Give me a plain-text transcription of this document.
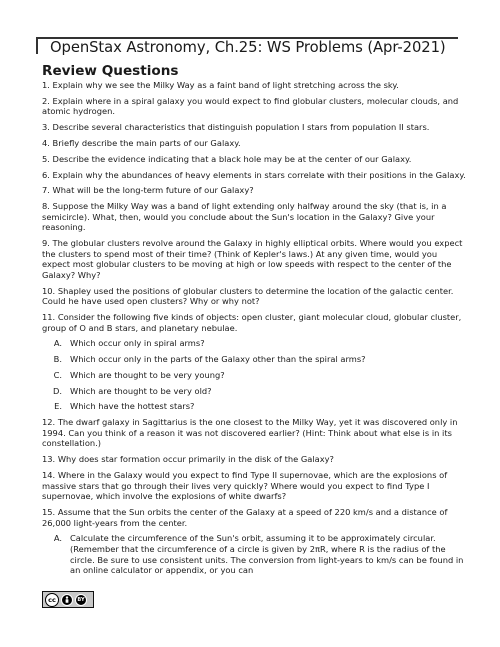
OpenStax Astronomy, Ch.25: WS Problems (Apr-2021)
Review Questions

1. Explain why we see the Milky Way as a faint band of light stretching across the sky.

2. Explain where in a spiral galaxy you would expect to find globular clusters, molecular clouds, and atomic hydrogen.

3. Describe several characteristics that distinguish population I stars from population II stars.

4. Briefly describe the main parts of our Galaxy.

5. Describe the evidence indicating that a black hole may be at the center of our Galaxy.

6. Explain why the abundances of heavy elements in stars correlate with their positions in the Galaxy.

7. What will be the long-term future of our Galaxy?

8. Suppose the Milky Way was a band of light extending only halfway around the sky (that is, in a semicircle). What, then, would you conclude about the Sun's location in the Galaxy? Give your reasoning.

9. The globular clusters revolve around the Galaxy in highly elliptical orbits. Where would you expect the clusters to spend most of their time? (Think of Kepler's laws.) At any given time, would you expect most globular clusters to be moving at high or low speeds with respect to the center of the Galaxy? Why?

10. Shapley used the positions of globular clusters to determine the location of the galactic center. Could he have used open clusters? Why or why not?

11. Consider the following five kinds of objects: open cluster, giant molecular cloud, globular cluster, group of O and B stars, and planetary nebulae.

A. Which occur only in spiral arms?
B. Which occur only in the parts of the Galaxy other than the spiral arms?
C. Which are thought to be very young?
D. Which are thought to be very old?
E. Which have the hottest stars?

12. The dwarf galaxy in Sagittarius is the one closest to the Milky Way, yet it was discovered only in 1994. Can you think of a reason it was not discovered earlier? (Hint: Think about what else is in its constellation.)

13. Why does star formation occur primarily in the disk of the Galaxy?

14. Where in the Galaxy would you expect to find Type II supernovae, which are the explosions of massive stars that go through their lives very quickly? Where would you expect to find Type I supernovae, which involve the explosions of white dwarfs?

15. Assume that the Sun orbits the center of the Galaxy at a speed of 220 km/s and a distance of 26,000 light-years from the center.

A. Calculate the circumference of the Sun's orbit, assuming it to be approximately circular. (Remember that the circumference of a circle is given by 2πR, where R is the radius of the circle. Be sure to use consistent units. The conversion from light-years to km/s can be found in an online calculator or appendix, or you can
cc	BY
